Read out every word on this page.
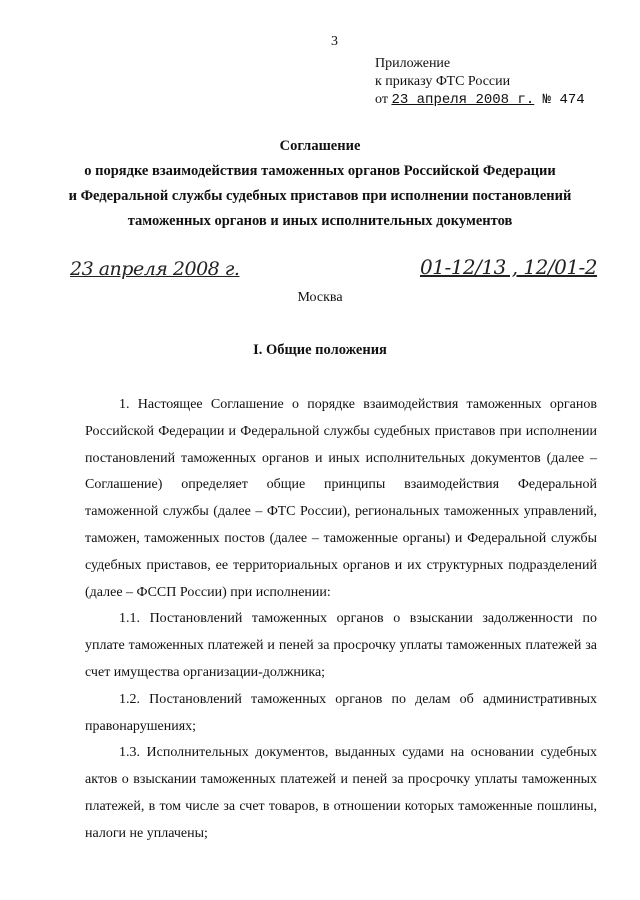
3
Приложение
к приказу ФТС России
от 23 апреля 2008 г. № 474
Соглашение
о порядке взаимодействия таможенных органов Российской Федерации
и Федеральной службы судебных приставов при исполнении постановлений
таможенных органов и иных исполнительных документов
23 апреля 2008 г.	01-12/13 , 12/01-2
Москва
I. Общие положения

1. Настоящее Соглашение о порядке взаимодействия таможенных органов Российской Федерации и Федеральной службы судебных приставов при исполнении постановлений таможенных органов и иных исполнительных документов (далее – Соглашение) определяет общие принципы взаимодействия Федеральной таможенной службы (далее – ФТС России), региональных таможенных управлений, таможен, таможенных постов (далее – таможенные органы) и Федеральной службы судебных приставов, ее территориальных органов и их структурных подразделений (далее – ФССП России) при исполнении:

1.1. Постановлений таможенных органов о взыскании задолженности по уплате таможенных платежей и пеней за просрочку уплаты таможенных платежей за счет имущества организации-должника;

1.2. Постановлений таможенных органов по делам об административных правонарушениях;

1.3. Исполнительных документов, выданных судами на основании судебных актов о взыскании таможенных платежей и пеней за просрочку уплаты таможенных платежей, в том числе за счет товаров, в отношении которых таможенные пошлины, налоги не уплачены;
